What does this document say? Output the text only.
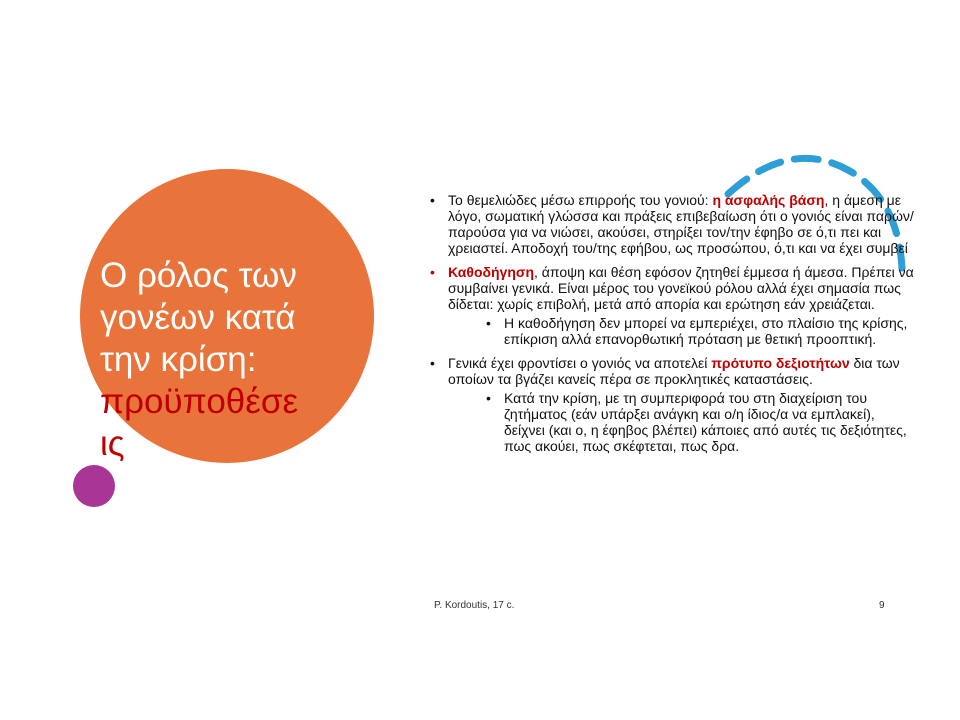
Ο ρόλος των
γονέων κατά
την κρίση:
προϋποθέσε
ις
• Το θεμελιώδες μέσω επιρροής του γονιού: η ασφαλής βάση, η άμεση με λόγο, σωματική γλώσσα και πράξεις επιβεβαίωση ότι ο γονιός είναι παρών/παρούσα για να νιώσει, ακούσει, στηρίξει τον/την έφηβο σε ό,τι πει και χρειαστεί. Αποδοχή του/της εφήβου, ως προσώπου, ό,τι και να έχει συμβεί
• Καθοδήγηση, άποψη και θέση εφόσον ζητηθεί έμμεσα ή άμεσα. Πρέπει να συμβαίνει γενικά. Είναι μέρος του γονεϊκού ρόλου αλλά έχει σημασία πως δίδεται: χωρίς επιβολή, μετά από απορία και ερώτηση εάν χρειάζεται.
• Η καθοδήγηση δεν μπορεί να εμπεριέχει, στο πλαίσιο της κρίσης, επίκριση αλλά επανορθωτική πρόταση με θετική προοπτική.
• Γενικά έχει φροντίσει ο γονιός να αποτελεί πρότυπο δεξιοτήτων δια των οποίων τα βγάζει κανείς πέρα σε προκλητικές καταστάσεις.
• Κατά την κρίση, με τη συμπεριφορά του στη διαχείριση του ζητήματος (εάν υπάρξει ανάγκη και ο/η ίδιος/α να εμπλακεί), δείχνει (και ο, η έφηβος βλέπει) κάποιες από αυτές τις δεξιότητες, πως ακούει, πως σκέφτεται, πως δρα.
P. Kordoutis, 17 c.	9
